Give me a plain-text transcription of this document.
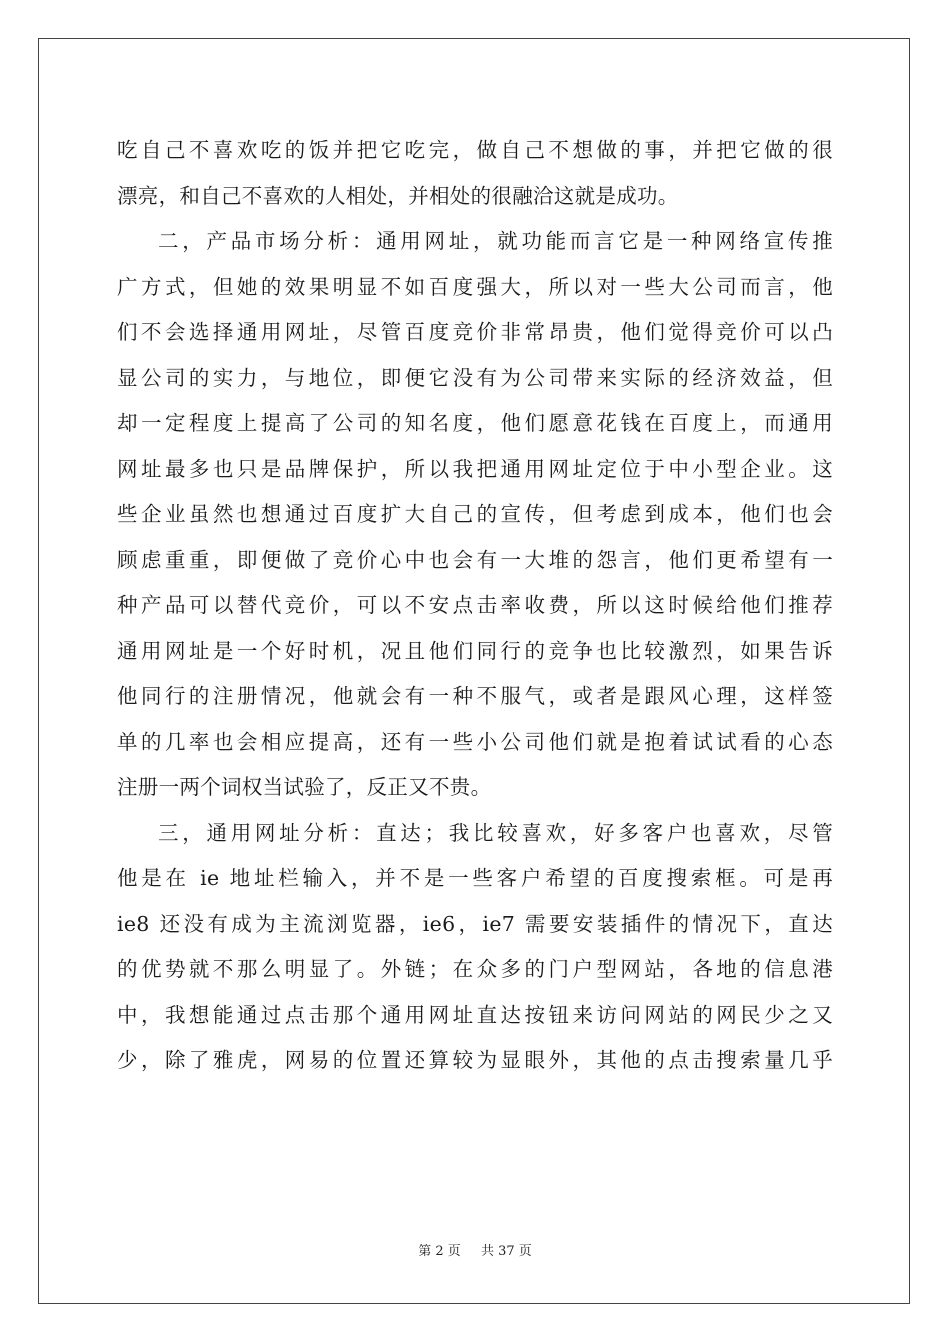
吃自己不喜欢吃的饭并把它吃完，做自己不想做的事，并把它做的很
漂亮，和自己不喜欢的人相处，并相处的很融洽这就是成功。
二，产品市场分析：通用网址，就功能而言它是一种网络宣传推
广方式，但她的效果明显不如百度强大，所以对一些大公司而言，他
们不会选择通用网址，尽管百度竞价非常昂贵，他们觉得竞价可以凸
显公司的实力，与地位，即便它没有为公司带来实际的经济效益，但
却一定程度上提高了公司的知名度，他们愿意花钱在百度上，而通用
网址最多也只是品牌保护，所以我把通用网址定位于中小型企业。这
些企业虽然也想通过百度扩大自己的宣传，但考虑到成本，他们也会
顾虑重重，即便做了竞价心中也会有一大堆的怨言，他们更希望有一
种产品可以替代竞价，可以不安点击率收费，所以这时候给他们推荐
通用网址是一个好时机，况且他们同行的竞争也比较激烈，如果告诉
他同行的注册情况，他就会有一种不服气，或者是跟风心理，这样签
单的几率也会相应提高，还有一些小公司他们就是抱着试试看的心态
注册一两个词权当试验了，反正又不贵。
三，通用网址分析：直达；我比较喜欢，好多客户也喜欢，尽管
他是在 ie 地址栏输入，并不是一些客户希望的百度搜索框。可是再
ie8 还没有成为主流浏览器，ie6，ie7 需要安装插件的情况下，直达
的优势就不那么明显了。外链；在众多的门户型网站，各地的信息港
中，我想能通过点击那个通用网址直达按钮来访问网站的网民少之又
少，除了雅虎，网易的位置还算较为显眼外，其他的点击搜索量几乎
第 2 页 共 37 页
